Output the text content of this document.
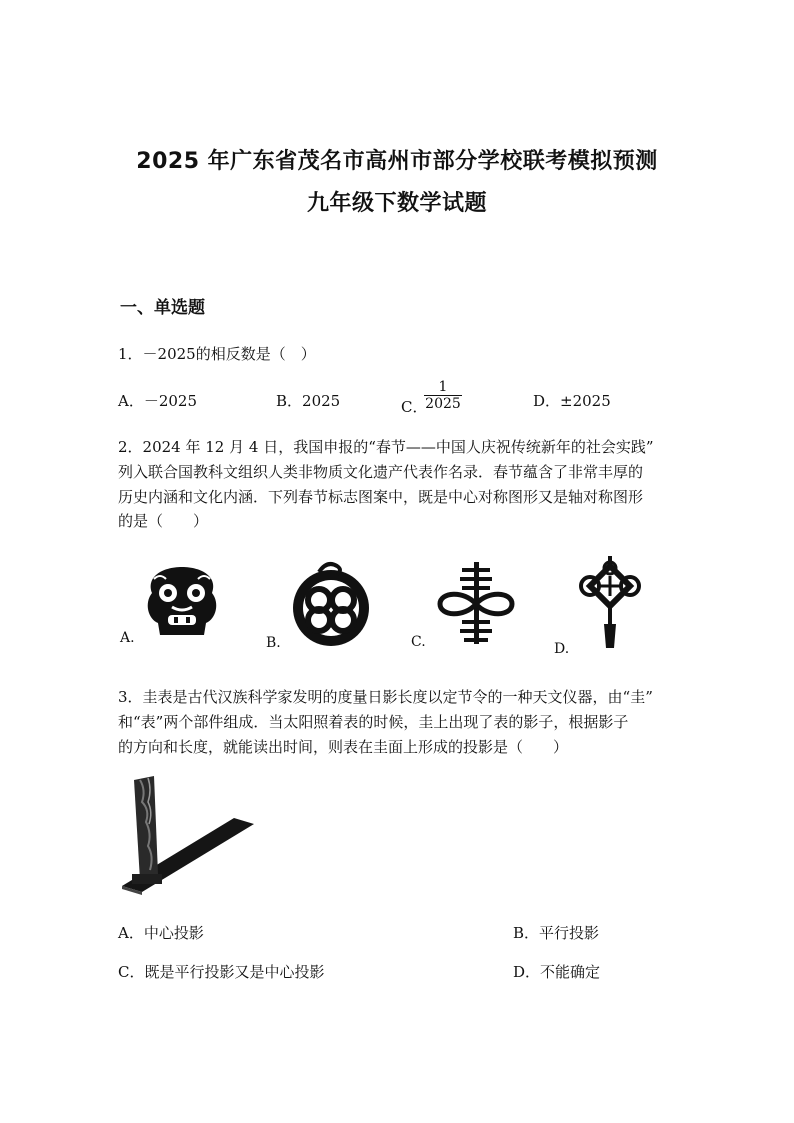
2025 年广东省茂名市高州市部分学校联考模拟预测
九年级下数学试题
一、单选题
1．－2025的相反数是（　）
A．－2025	B．2025	C．
$\frac{1}{2025}$	D．±2025
2．2024 年 12 月 4 日，我国申报的“春节——中国人庆祝传统新年的社会实践”
列入联合国教科文组织人类非物质文化遗产代表作名录．春节蕴含了非常丰厚的
历史内涵和文化内涵．下列春节标志图案中，既是中心对称图形又是轴对称图形
的是（　　）
A.	B.	C.	D.
3．圭表是古代汉族科学家发明的度量日影长度以定节令的一种天文仪器，由“圭”
和“表”两个部件组成．当太阳照着表的时候，圭上出现了表的影子，根据影子
的方向和长度，就能读出时间，则表在圭面上形成的投影是（　　）
A．中心投影	B．平行投影
C．既是平行投影又是中心投影	D．不能确定
